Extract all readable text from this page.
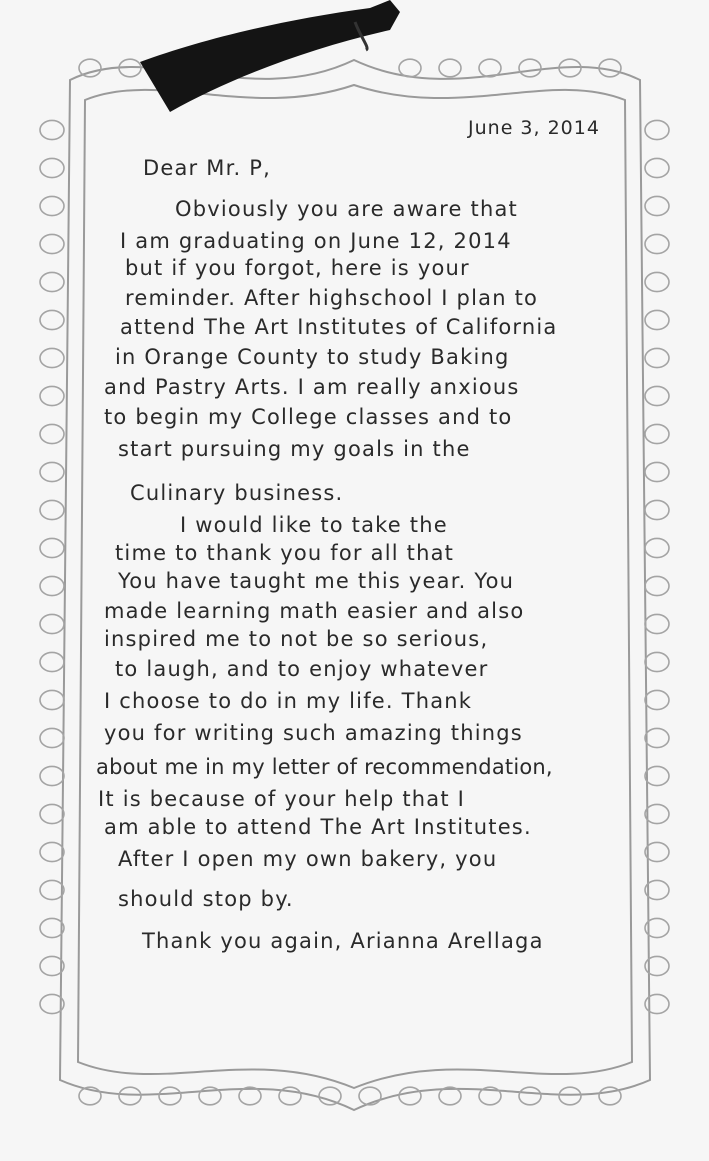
June 3, 2014
Dear Mr. P,
Obviously you are aware that
I am graduating on June 12, 2014
but if you forgot, here is your
reminder. After highschool I plan to
attend The Art Institutes of California
in Orange County to study Baking
and Pastry Arts. I am really anxious
to begin my College classes and to
start pursuing my goals in the
Culinary business.
I would like to take the
time to thank you for all that
You have taught me this year. You
made learning math easier and also
inspired me to not be so serious,
to laugh, and to enjoy whatever
I choose to do in my life. Thank
you for writing such amazing things
about me in my letter of recommendation,
It is because of your help that I
am able to attend The Art Institutes.
After I open my own bakery, you
should stop by.
Thank you again, Arianna Arellaga
